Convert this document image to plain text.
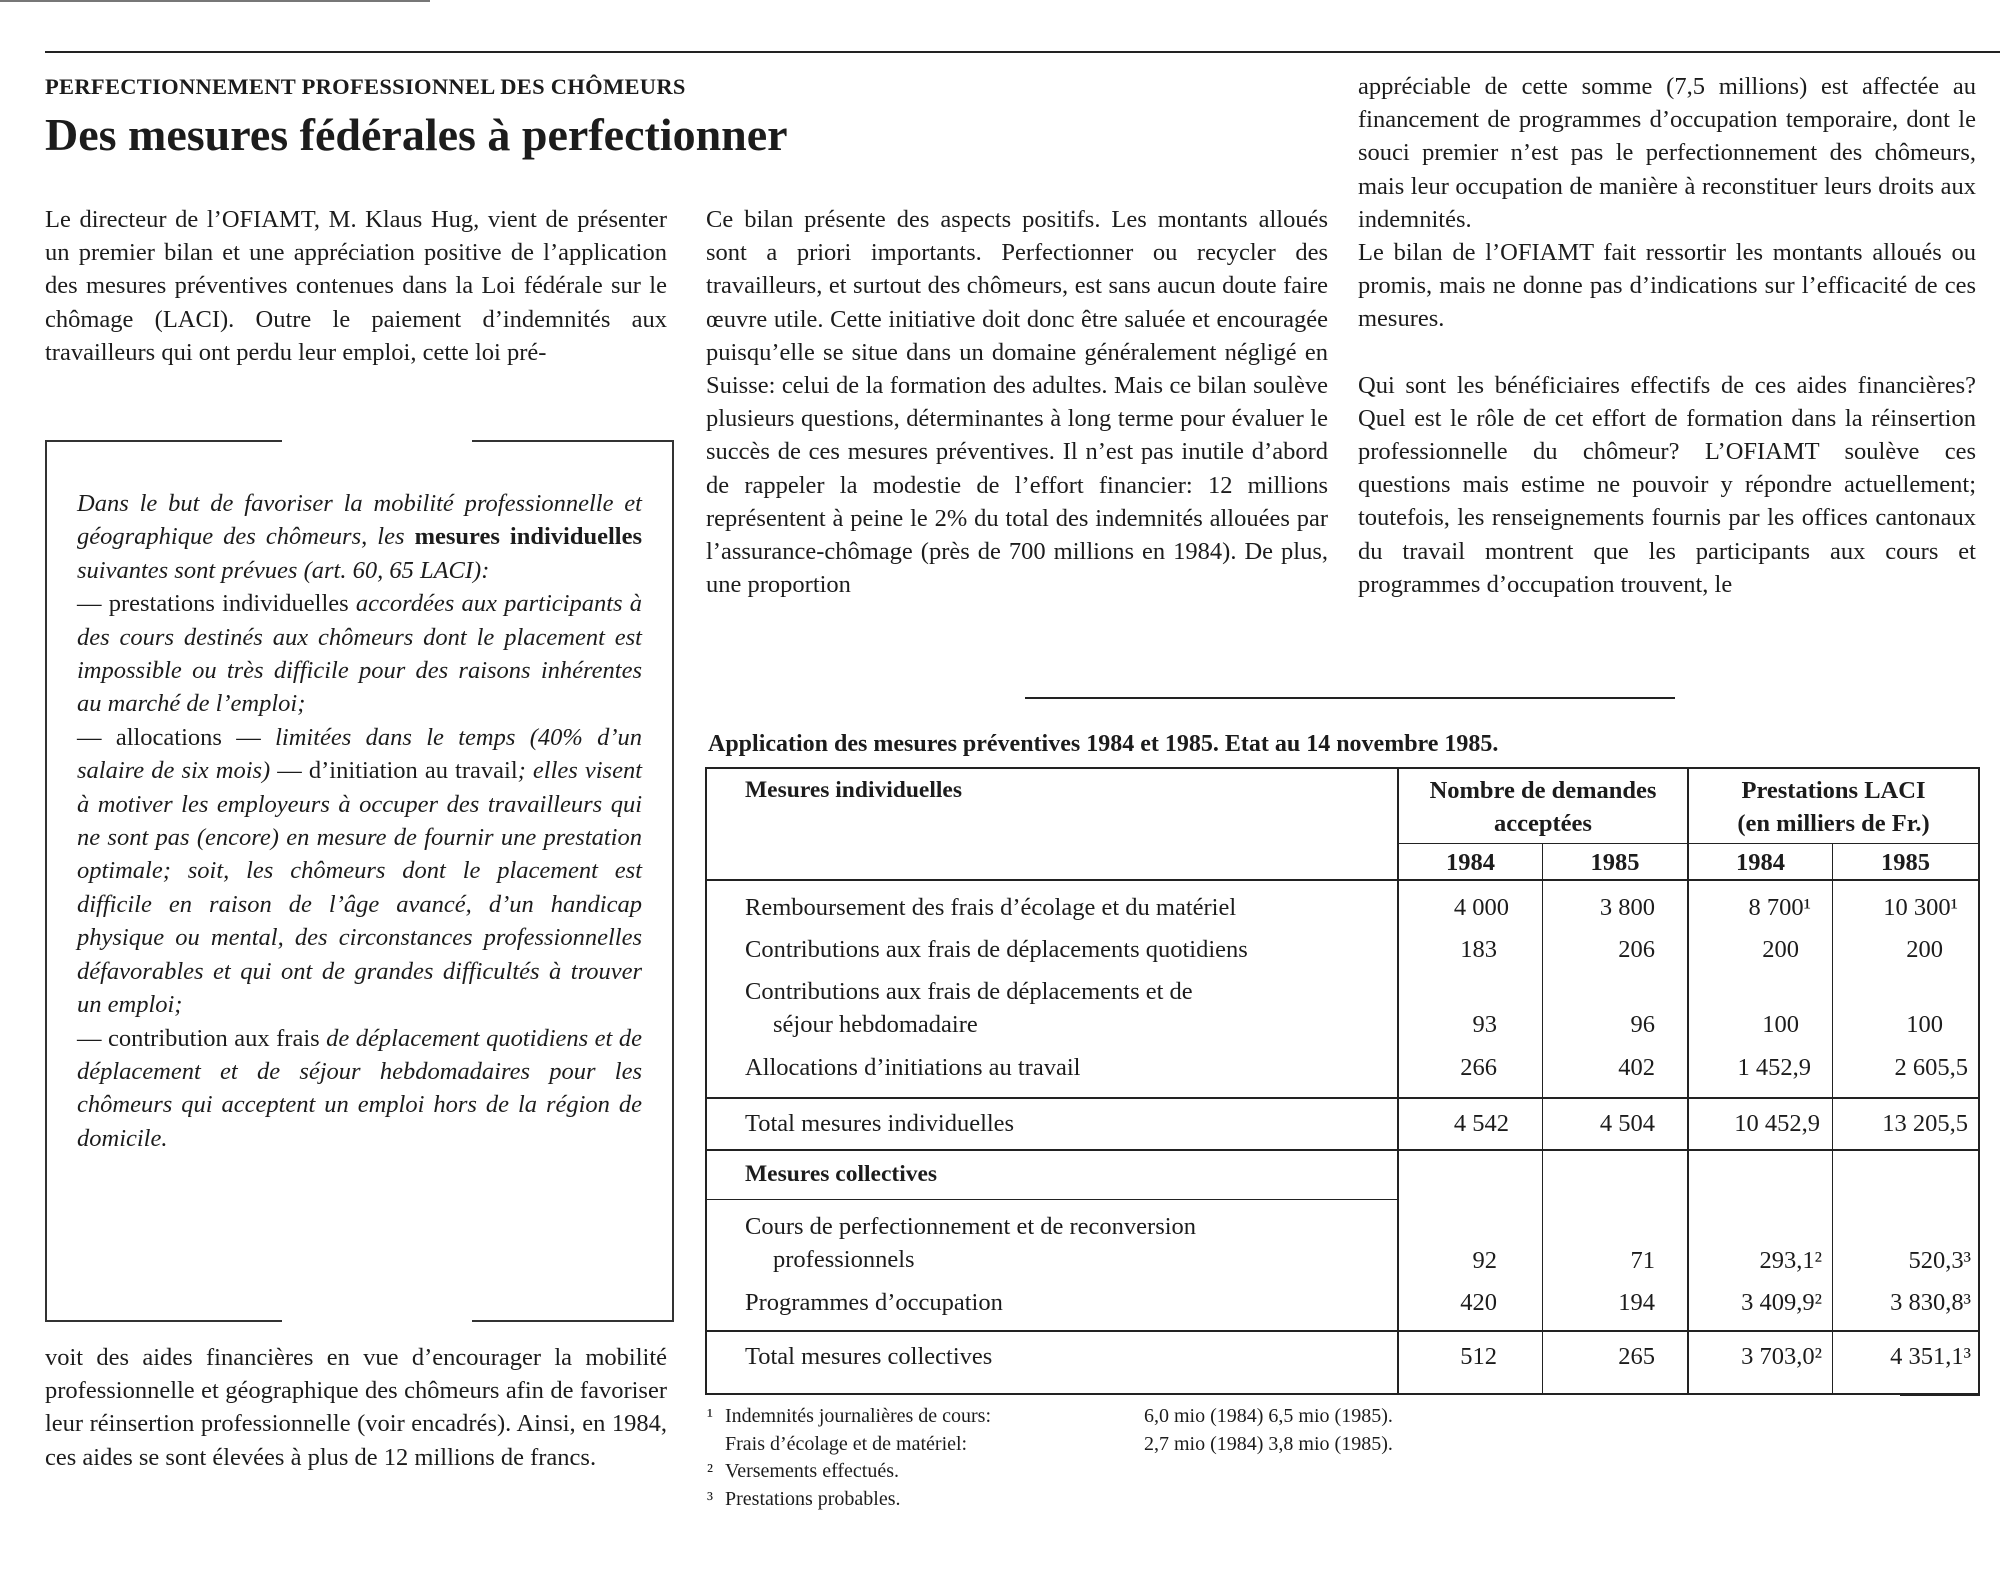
PERFECTIONNEMENT PROFESSIONNEL DES CHÔMEURS
Des mesures fédérales à perfectionner

Le directeur de l’OFIAMT, M. Klaus Hug, vient de présenter un premier bilan et une appréciation positive de l’application des mesures préventives contenues dans la Loi fédérale sur le chômage (LACI). Outre le paiement d’indemnités aux travailleurs qui ont perdu leur emploi, cette loi pré-

Dans le but de favoriser la mobilité professionnelle et géographique des chômeurs, les mesures individuelles suivantes sont prévues (art. 60, 65 LACI):

— prestations individuelles accordées aux participants à des cours destinés aux chômeurs dont le placement est impossible ou très difficile pour des raisons inhérentes au marché de l’emploi;

— allocations — limitées dans le temps (40% d’un salaire de six mois) — d’initiation au travail; elles visent à motiver les employeurs à occuper des travailleurs qui ne sont pas (encore) en mesure de fournir une prestation optimale; soit, les chômeurs dont le placement est difficile en raison de l’âge avancé, d’un handicap physique ou mental, des circonstances professionnelles défavorables et qui ont de grandes difficultés à trouver un emploi;

— contribution aux frais de déplacement quotidiens et de déplacement et de séjour hebdomadaires pour les chômeurs qui acceptent un emploi hors de la région de domicile.

voit des aides financières en vue d’encourager la mobilité professionnelle et géographique des chômeurs afin de favoriser leur réinsertion professionnelle (voir encadrés). Ainsi, en 1984, ces aides se sont élevées à plus de 12 millions de francs.

Ce bilan présente des aspects positifs. Les montants alloués sont a priori importants. Perfectionner ou recycler des travailleurs, et surtout des chômeurs, est sans aucun doute faire œuvre utile. Cette initiative doit donc être saluée et encouragée puisqu’elle se situe dans un domaine généralement négligé en Suisse: celui de la formation des adultes. Mais ce bilan soulève plusieurs questions, déterminantes à long terme pour évaluer le succès de ces mesures préventives. Il n’est pas inutile d’abord de rappeler la modestie de l’effort financier: 12 millions représentent à peine le 2% du total des indemnités allouées par l’assurance-chômage (près de 700 millions en 1984). De plus, une proportion

appréciable de cette somme (7,5 millions) est affectée au financement de programmes d’occupation temporaire, dont le souci premier n’est pas le perfectionnement des chômeurs, mais leur occupation de manière à reconstituer leurs droits aux indemnités.

Le bilan de l’OFIAMT fait ressortir les montants alloués ou promis, mais ne donne pas d’indications sur l’efficacité de ces mesures.

Qui sont les bénéficiaires effectifs de ces aides financières? Quel est le rôle de cet effort de formation dans la réinsertion professionnelle du chômeur? L’OFIAMT soulève ces questions mais estime ne pouvoir y répondre actuellement; toutefois, les renseignements fournis par les offices cantonaux du travail montrent que les participants aux cours et programmes d’occupation trouvent, le

Application des mesures préventives 1984 et 1985. Etat au 14 novembre 1985.
Mesures individuelles	Nombre de demandes
acceptées
Prestations LACI
(en milliers de Fr.)
1984	1985	1984	1985
Remboursement des frais d’écolage et du matériel	4 000	3 800	8 700¹	10 300¹
Contributions aux frais de déplacements quotidiens	183	206	200	200
Contributions aux frais de déplacements et de
séjour hebdomadaire	93	96	100	100
Allocations d’initiations au travail	266	402	1 452,9	2 605,5
Total mesures individuelles	4 542	4 504	10 452,9	13 205,5
Mesures collectives
Cours de perfectionnement et de reconversion
professionnels	92	71	293,1²	520,3³
Programmes d’occupation	420	194	3 409,9²	3 830,8³
Total mesures collectives	512	265	3 703,0²	4 351,1³
¹ Indemnités journalières de cours:	6,0 mio (1984) 6,5 mio (1985).
Frais d’écolage et de matériel:	2,7 mio (1984) 3,8 mio (1985).
² Versements effectués.
³ Prestations probables.
